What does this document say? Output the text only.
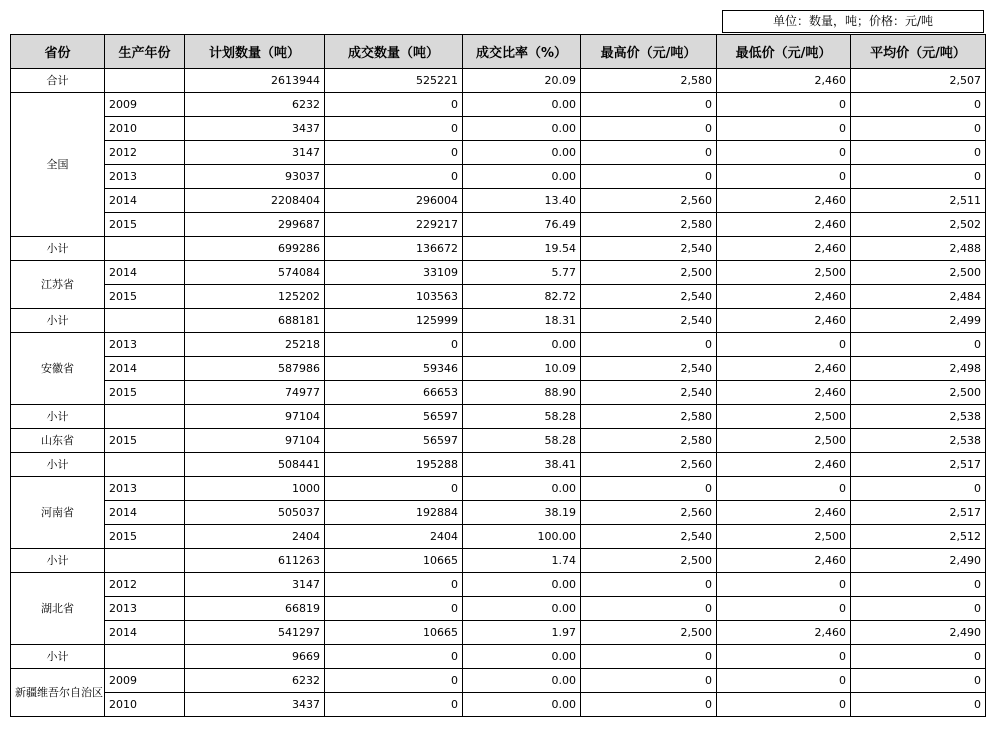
单位：数量，吨；价格：元/吨
省份	生产年份	计划数量（吨）	成交数量（吨）	成交比率（%）	最高价（元/吨）	最低价（元/吨）	平均价（元/吨）
合计		2613944	525221	20.09	2,580	2,460	2,507
全国	2009	6232	0	0.00	0	0	0
	2010	3437	0	0.00	0	0	0
	2012	3147	0	0.00	0	0	0
	2013	93037	0	0.00	0	0	0
	2014	2208404	296004	13.40	2,560	2,460	2,511
	2015	299687	229217	76.49	2,580	2,460	2,502
小计		699286	136672	19.54	2,540	2,460	2,488
江苏省	2014	574084	33109	5.77	2,500	2,500	2,500
	2015	125202	103563	82.72	2,540	2,460	2,484
小计		688181	125999	18.31	2,540	2,460	2,499
安徽省	2013	25218	0	0.00	0	0	0
	2014	587986	59346	10.09	2,540	2,460	2,498
	2015	74977	66653	88.90	2,540	2,460	2,500
小计		97104	56597	58.28	2,580	2,500	2,538
山东省	2015	97104	56597	58.28	2,580	2,500	2,538
小计		508441	195288	38.41	2,560	2,460	2,517
河南省	2013	1000	0	0.00	0	0	0
	2014	505037	192884	38.19	2,560	2,460	2,517
	2015	2404	2404	100.00	2,540	2,500	2,512
小计		611263	10665	1.74	2,500	2,460	2,490
湖北省	2012	3147	0	0.00	0	0	0
	2013	66819	0	0.00	0	0	0
	2014	541297	10665	1.97	2,500	2,460	2,490
小计		9669	0	0.00	0	0	0
新疆维吾尔自治区	2009	6232	0	0.00	0	0	0
	2010	3437	0	0.00	0	0	0
